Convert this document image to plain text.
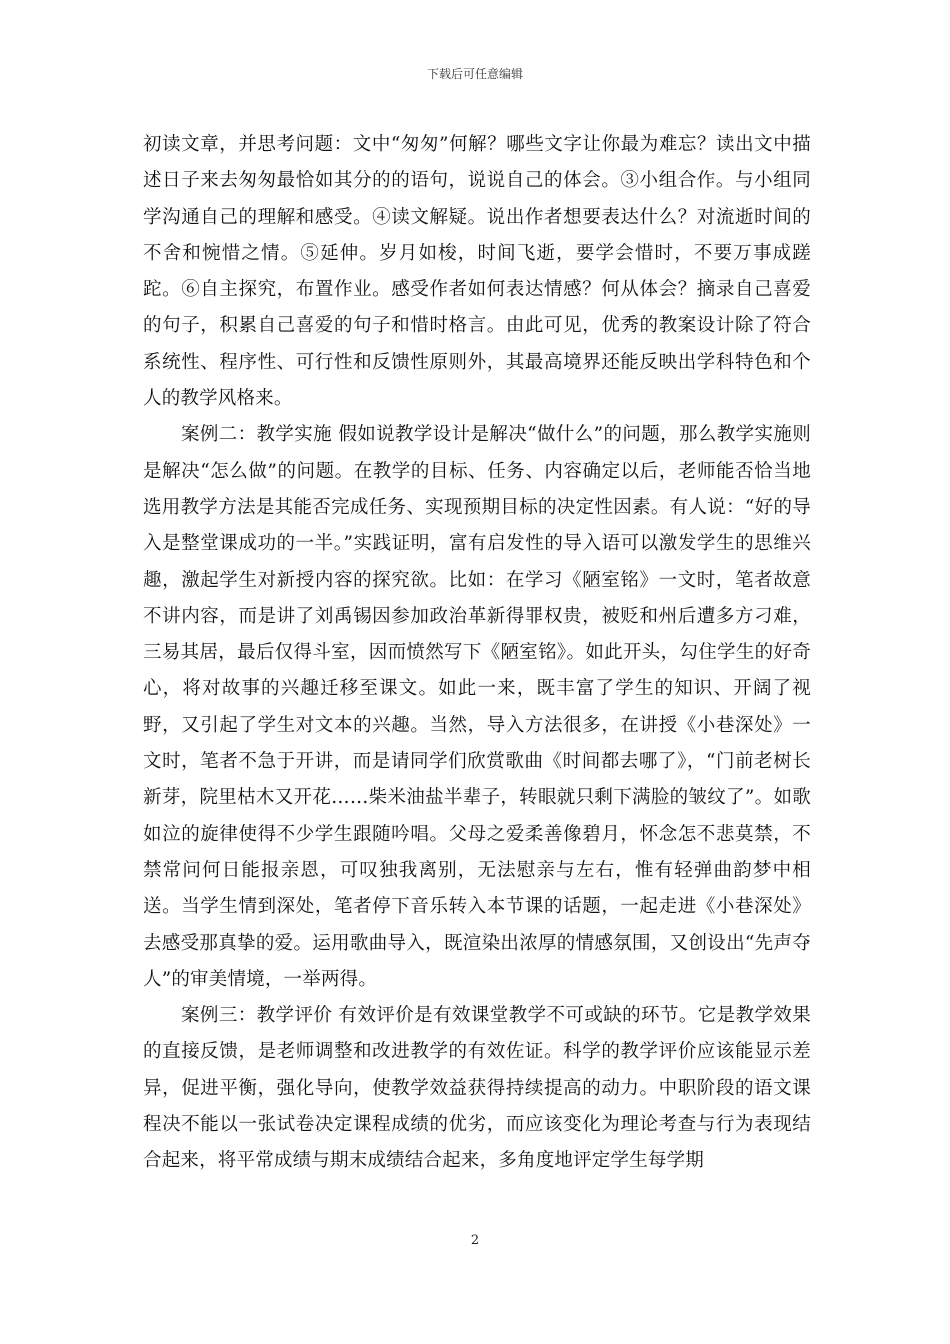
下载后可任意编辑

初读文章，并思考问题：文中“匆匆”何解？哪些文字让你最为难忘？读出文中描述日子来去匆匆最恰如其分的的语句，说说自己的体会。③小组合作。与小组同学沟通自己的理解和感受。④读文解疑。说出作者想要表达什么？对流逝时间的不舍和惋惜之情。⑤延伸。岁月如梭，时间飞逝，要学会惜时，不要万事成蹉跎。⑥自主探究，布置作业。感受作者如何表达情感？何从体会？摘录自己喜爱的句子，积累自己喜爱的句子和惜时格言。由此可见，优秀的教案设计除了符合系统性、程序性、可行性和反馈性原则外，其最高境界还能反映出学科特色和个人的教学风格来。

案例二：教学实施 假如说教学设计是解决“做什么”的问题，那么教学实施则是解决“怎么做”的问题。在教学的目标、任务、内容确定以后，老师能否恰当地选用教学方法是其能否完成任务、实现预期目标的决定性因素。有人说：“好的导入是整堂课成功的一半。”实践证明，富有启发性的导入语可以激发学生的思维兴趣，激起学生对新授内容的探究欲。比如：在学习《陋室铭》一文时，笔者故意不讲内容，而是讲了刘禹锡因参加政治革新得罪权贵，被贬和州后遭多方刁难，三易其居，最后仅得斗室，因而愤然写下《陋室铭》。如此开头，勾住学生的好奇心，将对故事的兴趣迁移至课文。如此一来，既丰富了学生的知识、开阔了视野，又引起了学生对文本的兴趣。当然，导入方法很多，在讲授《小巷深处》一文时，笔者不急于开讲，而是请同学们欣赏歌曲《时间都去哪了》，“门前老树长新芽，院里枯木又开花……柴米油盐半辈子，转眼就只剩下满脸的皱纹了”。如歌如泣的旋律使得不少学生跟随吟唱。父母之爱柔善像碧月，怀念怎不悲莫禁，不禁常问何日能报亲恩，可叹独我离别，无法慰亲与左右，惟有轻弹曲韵梦中相送。当学生情到深处，笔者停下音乐转入本节课的话题，一起走进《小巷深处》去感受那真挚的爱。运用歌曲导入，既渲染出浓厚的情感氛围，又创设出“先声夺人”的审美情境，一举两得。

案例三：教学评价 有效评价是有效课堂教学不可或缺的环节。它是教学效果的直接反馈，是老师调整和改进教学的有效佐证。科学的教学评价应该能显示差异，促进平衡，强化导向，使教学效益获得持续提高的动力。中职阶段的语文课程决不能以一张试卷决定课程成绩的优劣，而应该变化为理论考查与行为表现结合起来，将平常成绩与期末成绩结合起来，多角度地评定学生每学期

2
